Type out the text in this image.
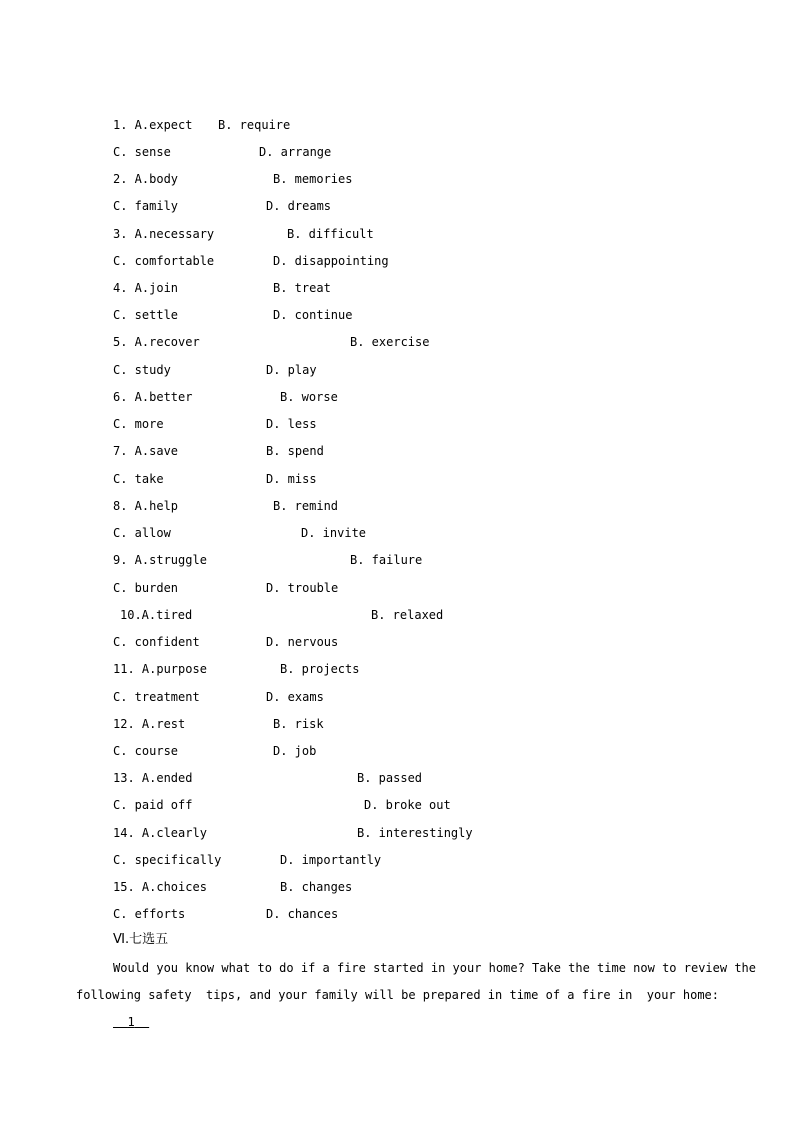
1. A.expect B. require
C. sense	D. arrange
2. A.body	B. memories
C. family	D. dreams
3. A.necessary	B. difficult
C. comfortable	D. disappointing
4. A.join	B. treat
C. settle	D. continue
5. A.recover	B. exercise
C. study	D. play
6. A.better	B. worse
C. more	D. less
7. A.save	B. spend
C. take	D. miss
8. A.help	B. remind
C. allow	D. invite
9. A.struggle	B. failure
C. burden	D. trouble
10.A.tired	B. relaxed
C. confident	D. nervous
11. A.purpose	B. projects
C. treatment	D. exams
12. A.rest	B. risk
C. course	D. job
13. A.ended	B. passed
C. paid off	D. broke out
14. A.clearly	B. interestingly
C. specifically	D. importantly
15. A.choices	B. changes
C. efforts	D. chances
Ⅵ.七选五
Would you know what to do if a fire started in your home? Take the time now to review the
following safety  tips, and your family will be prepared in time of a fire in  your home:
1
